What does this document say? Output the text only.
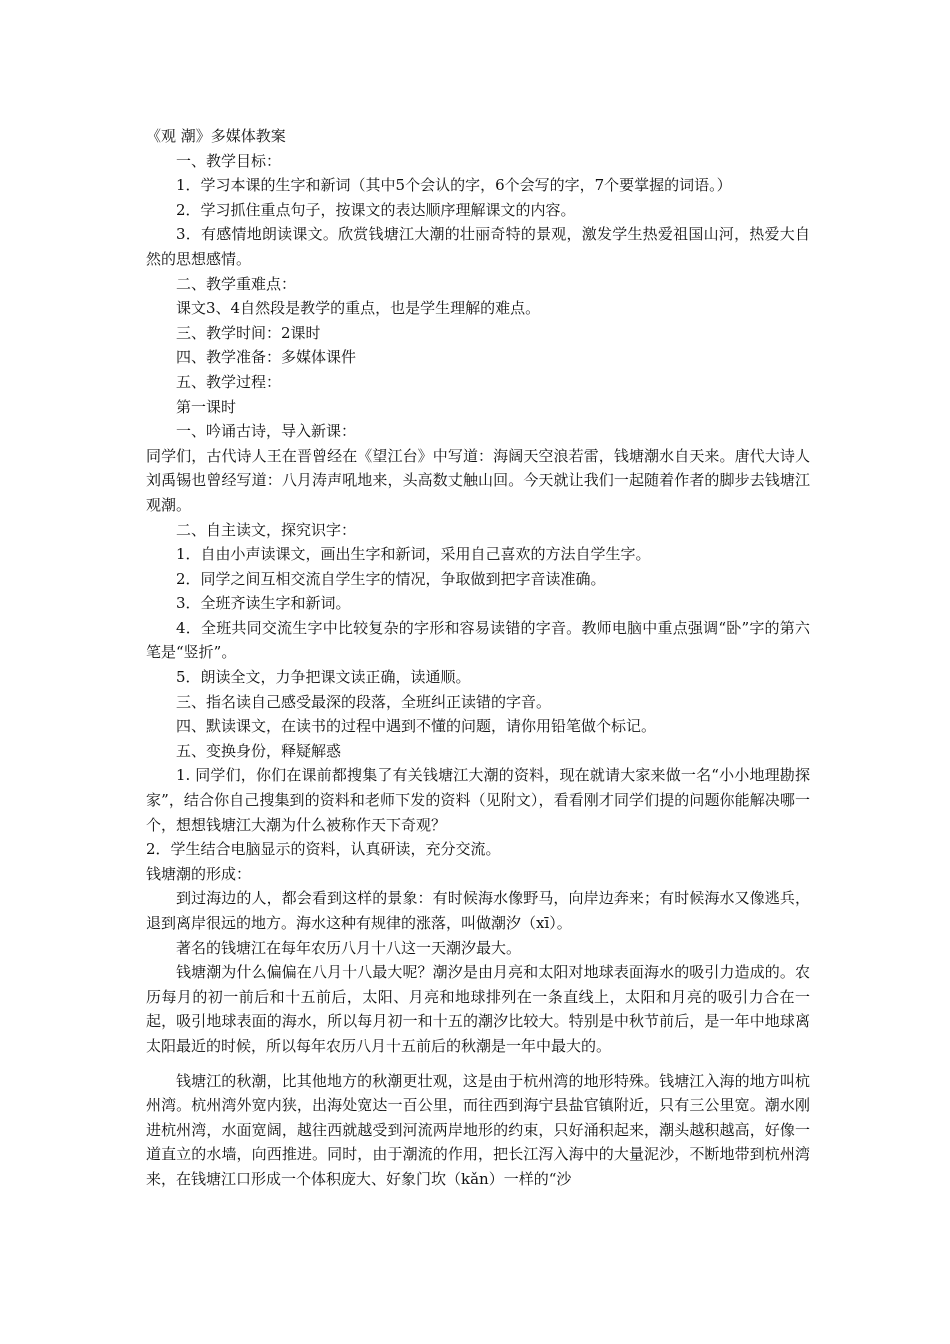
《观 潮》多媒体教案

一、教学目标：

1．学习本课的生字和新词（其中5个会认的字，6个会写的字，7个要掌握的词语。）

2．学习抓住重点句子，按课文的表达顺序理解课文的内容。

3．有感情地朗读课文。欣赏钱塘江大潮的壮丽奇特的景观，激发学生热爱祖国山河，热爱大自然的思想感情。

二、教学重难点：

课文3、4自然段是教学的重点，也是学生理解的难点。

三、教学时间：2课时

四、教学准备：多媒体课件

五、教学过程：

第一课时

一、吟诵古诗，导入新课：

同学们，古代诗人王在晋曾经在《望江台》中写道：海阔天空浪若雷，钱塘潮水自天来。唐代大诗人刘禹锡也曾经写道：八月涛声吼地来，头高数丈触山回。今天就让我们一起随着作者的脚步去钱塘江观潮。

二、自主读文，探究识字：

1．自由小声读课文，画出生字和新词，采用自己喜欢的方法自学生字。

2．同学之间互相交流自学生字的情况，争取做到把字音读准确。

3．全班齐读生字和新词。

4．全班共同交流生字中比较复杂的字形和容易读错的字音。教师电脑中重点强调“卧”字的第六笔是“竖折”。

5．朗读全文，力争把课文读正确，读通顺。

三、指名读自己感受最深的段落，全班纠正读错的字音。

四、默读课文，在读书的过程中遇到不懂的问题，请你用铅笔做个标记。

五、变换身份，释疑解惑

1. 同学们，你们在课前都搜集了有关钱塘江大潮的资料，现在就请大家来做一名“小小地理勘探家”，结合你自己搜集到的资料和老师下发的资料（见附文），看看刚才同学们提的问题你能解决哪一个，想想钱塘江大潮为什么被称作天下奇观？

2．学生结合电脑显示的资料，认真研读，充分交流。

钱塘潮的形成：

到过海边的人，都会看到这样的景象：有时候海水像野马，向岸边奔来；有时候海水又像逃兵，退到离岸很远的地方。海水这种有规律的涨落，叫做潮汐（xī）。

著名的钱塘江在每年农历八月十八这一天潮汐最大。

钱塘潮为什么偏偏在八月十八最大呢？潮汐是由月亮和太阳对地球表面海水的吸引力造成的。农历每月的初一前后和十五前后，太阳、月亮和地球排列在一条直线上，太阳和月亮的吸引力合在一起，吸引地球表面的海水，所以每月初一和十五的潮汐比较大。特别是中秋节前后，是一年中地球离太阳最近的时候，所以每年农历八月十五前后的秋潮是一年中最大的。

钱塘江的秋潮，比其他地方的秋潮更壮观，这是由于杭州湾的地形特殊。钱塘江入海的地方叫杭州湾。杭州湾外宽内狭，出海处宽达一百公里，而往西到海宁县盐官镇附近，只有三公里宽。潮水刚进杭州湾，水面宽阔，越往西就越受到河流两岸地形的约束，只好涌积起来，潮头越积越高，好像一道直立的水墙，向西推进。同时，由于潮流的作用，把长江泻入海中的大量泥沙，不断地带到杭州湾来，在钱塘江口形成一个体积庞大、好象门坎（kǎn）一样的“沙
